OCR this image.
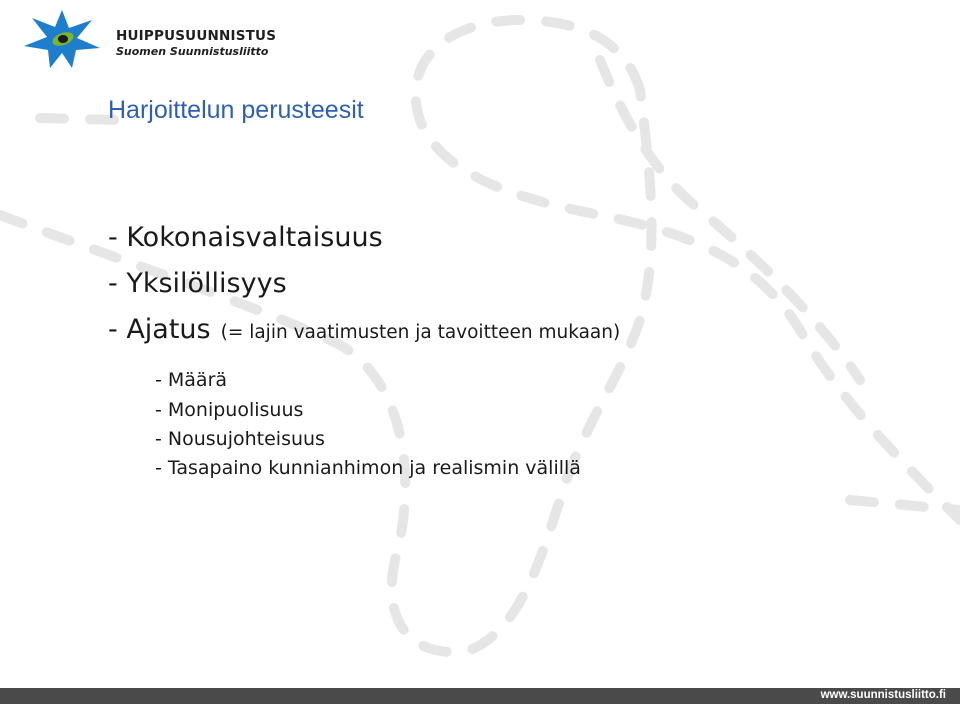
HUIPPUSUUNNISTUS
Suomen Suunnistusliitto
Harjoittelun perusteesit
- Kokonaisvaltaisuus
- Yksilöllisyys
- Ajatus (= lajin vaatimusten ja tavoitteen mukaan)
- Määrä
- Monipuolisuus
- Nousujohteisuus
- Tasapaino kunnianhimon ja realismin välillä
www.suunnistusliitto.fi
